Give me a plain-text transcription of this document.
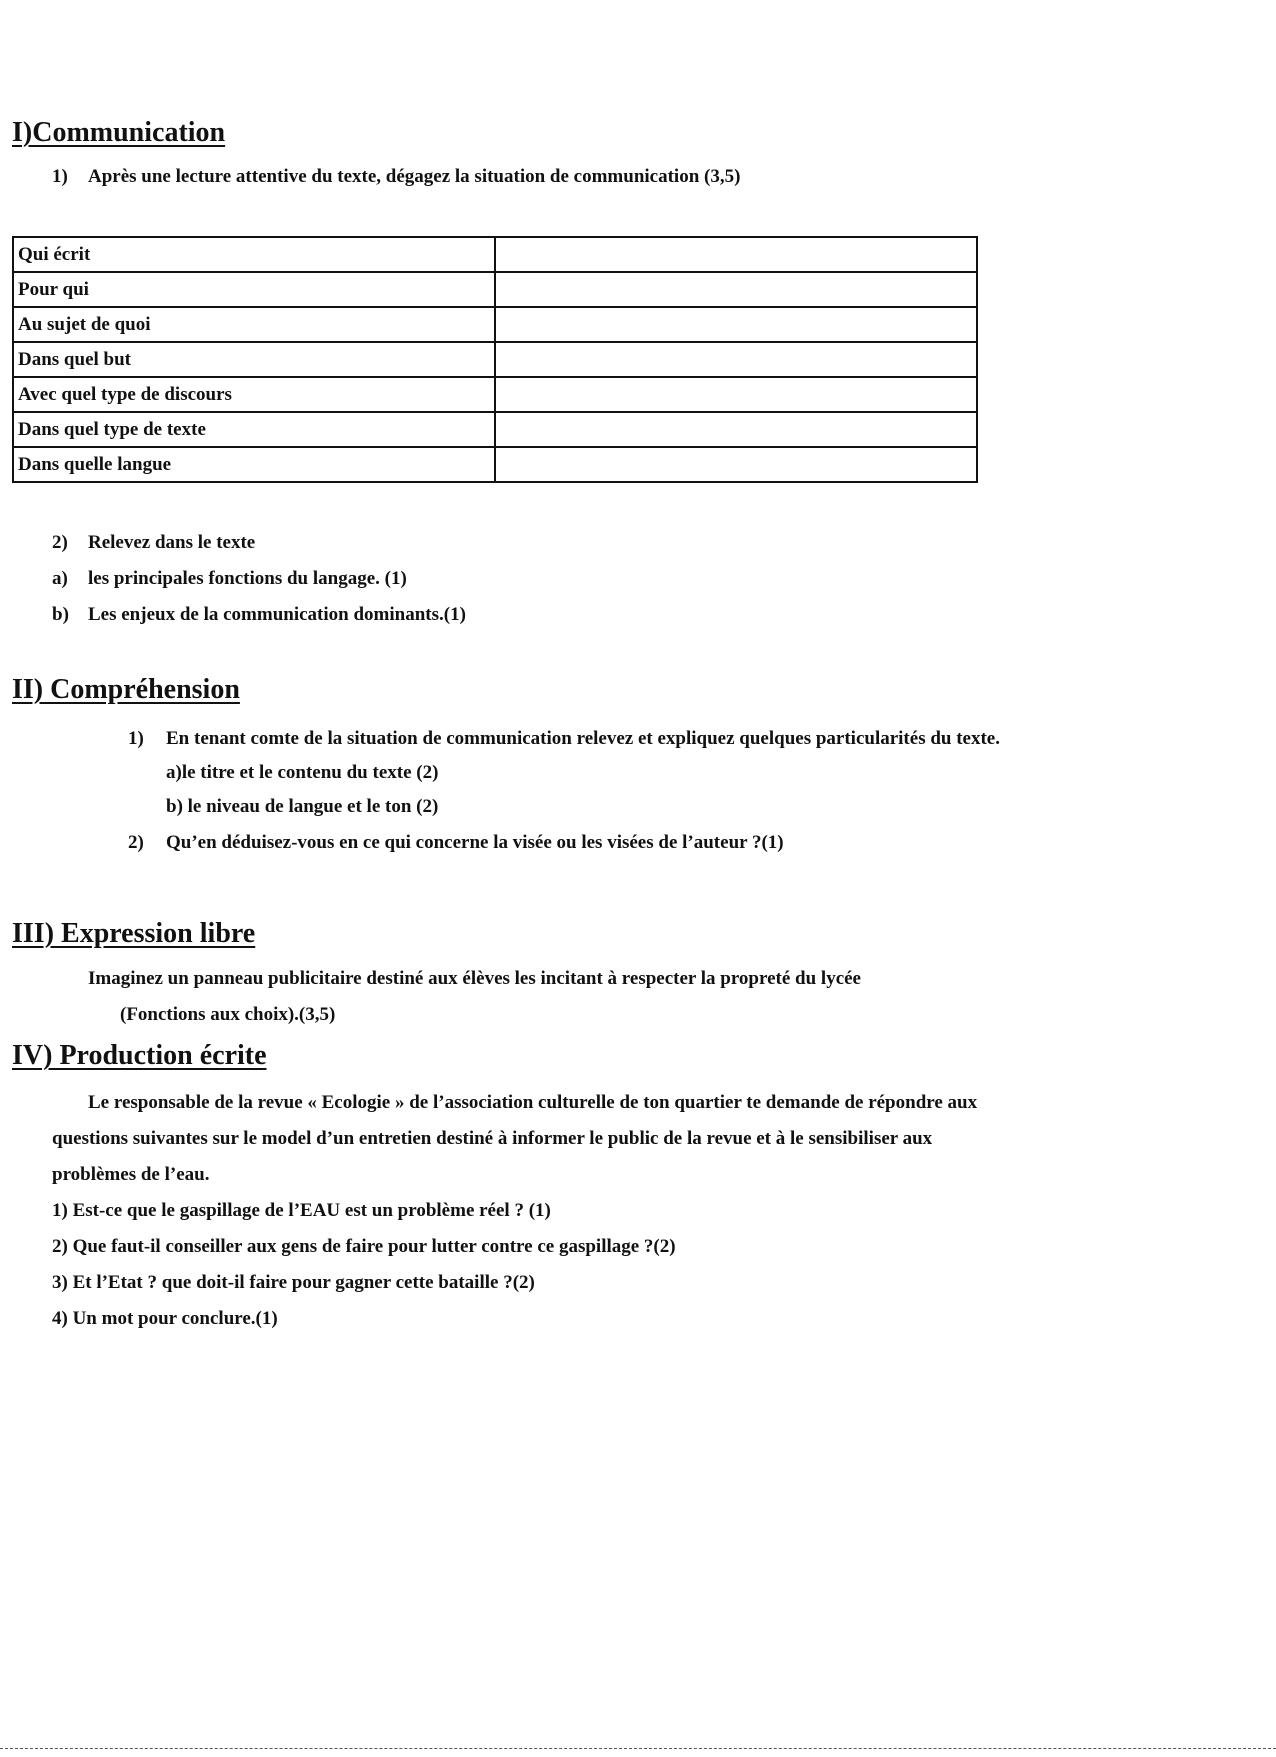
I)Communication
1) Après une lecture attentive du texte, dégagez la situation de communication (3,5)
Qui écrit	
Pour qui	
Au sujet de quoi	
Dans quel but	
Avec quel type de discours	
Dans quel type de texte	
Dans quelle langue	
2) Relevez dans le texte
a) les principales fonctions du langage. (1)
b) Les enjeux de la communication dominants.(1)
II) Compréhension
1) En tenant comte de la situation de communication relevez et expliquez quelques particularités du texte.
a)le titre et le contenu du texte (2)
b) le niveau de langue et le ton (2)
2) Qu’en déduisez-vous en ce qui concerne la visée ou les visées de l’auteur ?(1)
III) Expression libre
Imaginez un panneau publicitaire destiné aux élèves les incitant à respecter la propreté du lycée
(Fonctions aux choix).(3,5)
IV) Production écrite
Le responsable de la revue « Ecologie » de l’association culturelle de ton quartier te demande de répondre aux
questions suivantes sur le model d’un entretien destiné à informer le public de la revue et à le sensibiliser aux
problèmes de l’eau.
1) Est-ce que le gaspillage de l’EAU est un problème réel ? (1)
2) Que faut-il conseiller aux gens de faire pour lutter contre ce gaspillage ?(2)
3) Et l’Etat ? que doit-il faire pour gagner cette bataille ?(2)
4) Un mot pour conclure.(1)
